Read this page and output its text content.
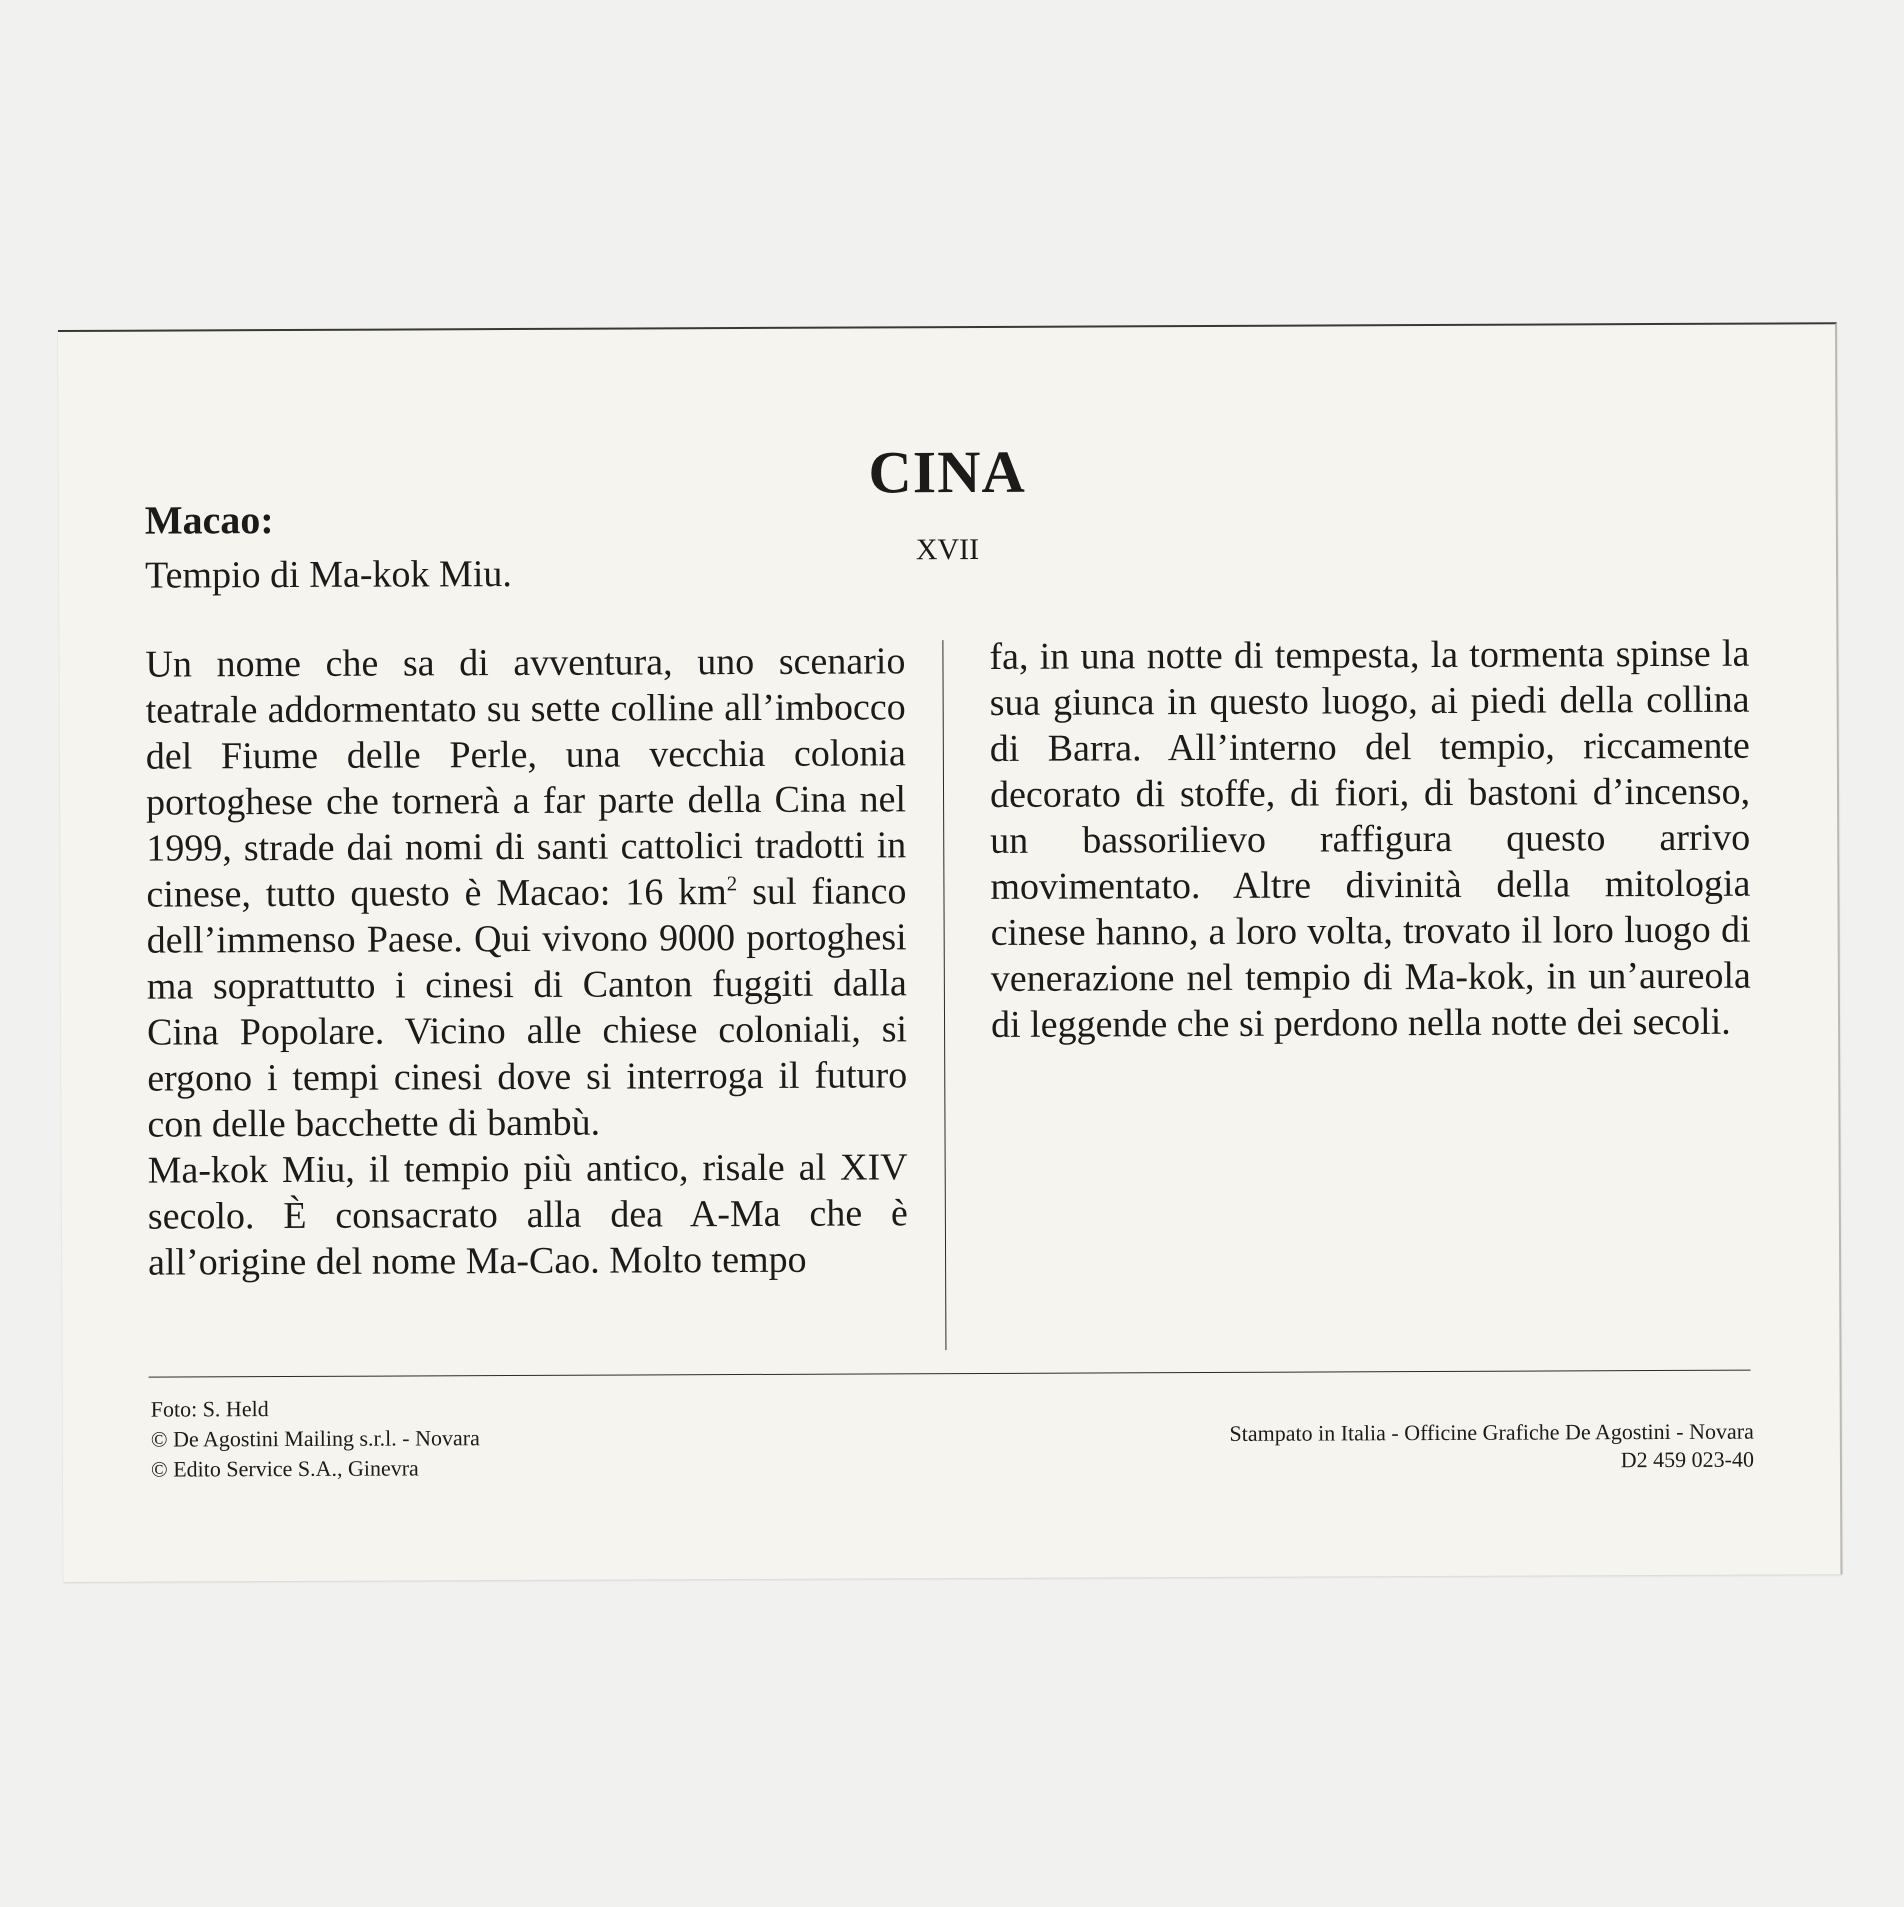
CINA
XVII
Macao:
Tempio di Ma-kok Miu.

Un nome che sa di avventura, uno scenario teatrale addormentato su sette colline all’imbocco del Fiume delle Perle, una vecchia colonia portoghese che tornerà a far parte della Cina nel 1999, strade dai nomi di santi cattolici tradotti in cinese, tutto questo è Macao: 16 $km^2$ sul fianco dell’immenso Paese. Qui vivono 9000 portoghesi ma soprattutto i cinesi di Canton fuggiti dalla Cina Popolare. Vicino alle chiese coloniali, si ergono i tempi cinesi dove si interroga il futuro con delle bacchette di bambù.

Ma-kok Miu, il tempio più antico, risale al XIV secolo. È consacrato alla dea A-Ma che è all’origine del nome Ma-Cao. Molto tempo

fa, in una notte di tempesta, la tormenta spinse la sua giunca in questo luogo, ai piedi della collina di Barra. All’interno del tempio, riccamente decorato di stoffe, di fiori, di bastoni d’incenso, un bassorilievo raffigura questo arrivo movimentato. Altre divinità della mitologia cinese hanno, a loro volta, trovato il loro luogo di venerazione nel tempio di Ma-kok, in un’aureola di leggende che si perdono nella notte dei secoli.

Foto: S. Held
© De Agostini Mailing s.r.l. - Novara
© Edito Service S.A., Ginevra
Stampato in Italia - Officine Grafiche De Agostini - Novara
D2 459 023-40
